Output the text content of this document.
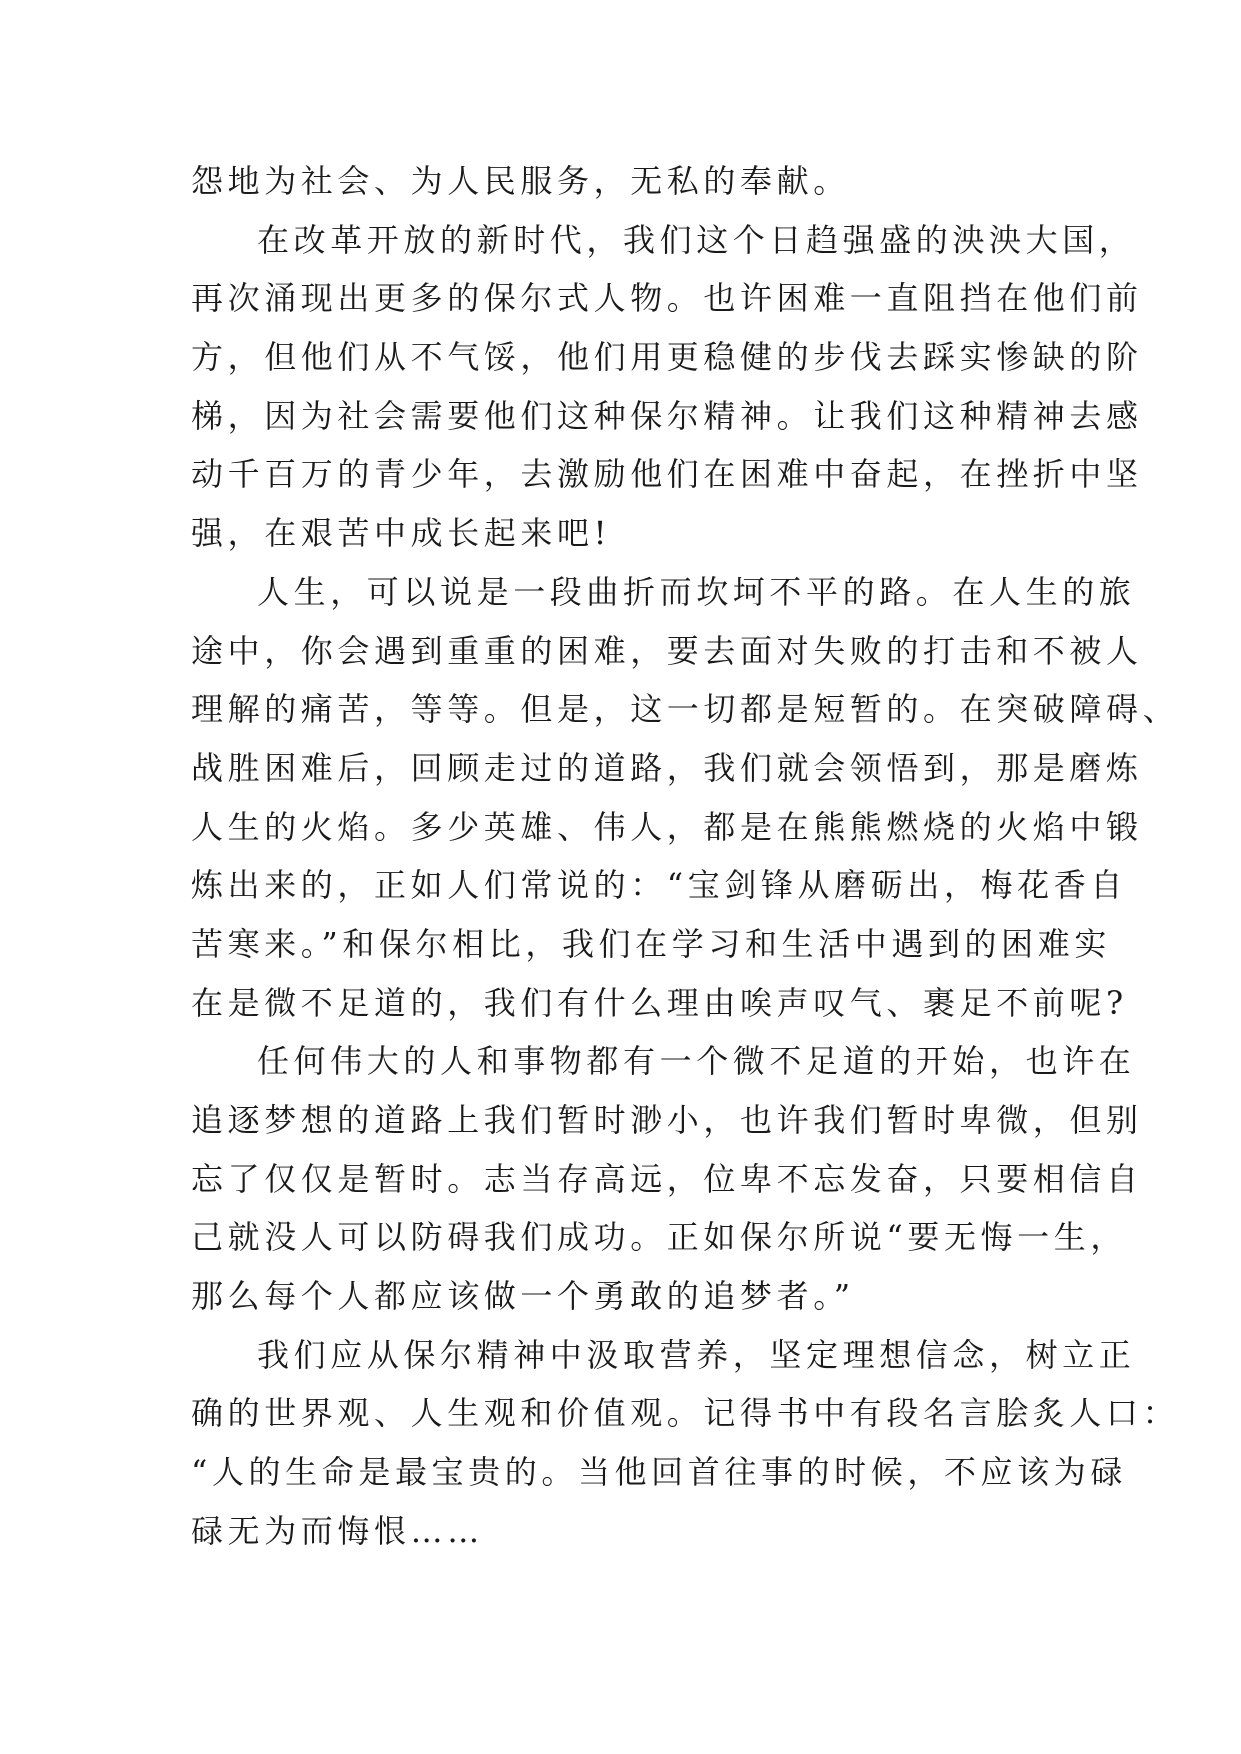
怨地为社会、为人民服务，无私的奉献。
在改革开放的新时代，我们这个日趋强盛的泱泱大国，
再次涌现出更多的保尔式人物。也许困难一直阻挡在他们前
方，但他们从不气馁，他们用更稳健的步伐去踩实惨缺的阶
梯，因为社会需要他们这种保尔精神。让我们这种精神去感
动千百万的青少年，去激励他们在困难中奋起，在挫折中坚
强，在艰苦中成长起来吧!
人生，可以说是一段曲折而坎坷不平的路。在人生的旅
途中，你会遇到重重的困难，要去面对失败的打击和不被人
理解的痛苦，等等。但是，这一切都是短暂的。在突破障碍、
战胜困难后，回顾走过的道路，我们就会领悟到，那是磨炼
人生的火焰。多少英雄、伟人，都是在熊熊燃烧的火焰中锻
炼出来的，正如人们常说的：“宝剑锋从磨砺出，梅花香自
苦寒来。”和保尔相比，我们在学习和生活中遇到的困难实
在是微不足道的，我们有什么理由唉声叹气、裹足不前呢?
任何伟大的人和事物都有一个微不足道的开始，也许在
追逐梦想的道路上我们暂时渺小，也许我们暂时卑微，但别
忘了仅仅是暂时。志当存高远，位卑不忘发奋，只要相信自
己就没人可以防碍我们成功。正如保尔所说“要无悔一生，
那么每个人都应该做一个勇敢的追梦者。”
我们应从保尔精神中汲取营养，坚定理想信念，树立正
确的世界观、人生观和价值观。记得书中有段名言脍炙人口：
“人的生命是最宝贵的。当他回首往事的时候，不应该为碌
碌无为而悔恨……
